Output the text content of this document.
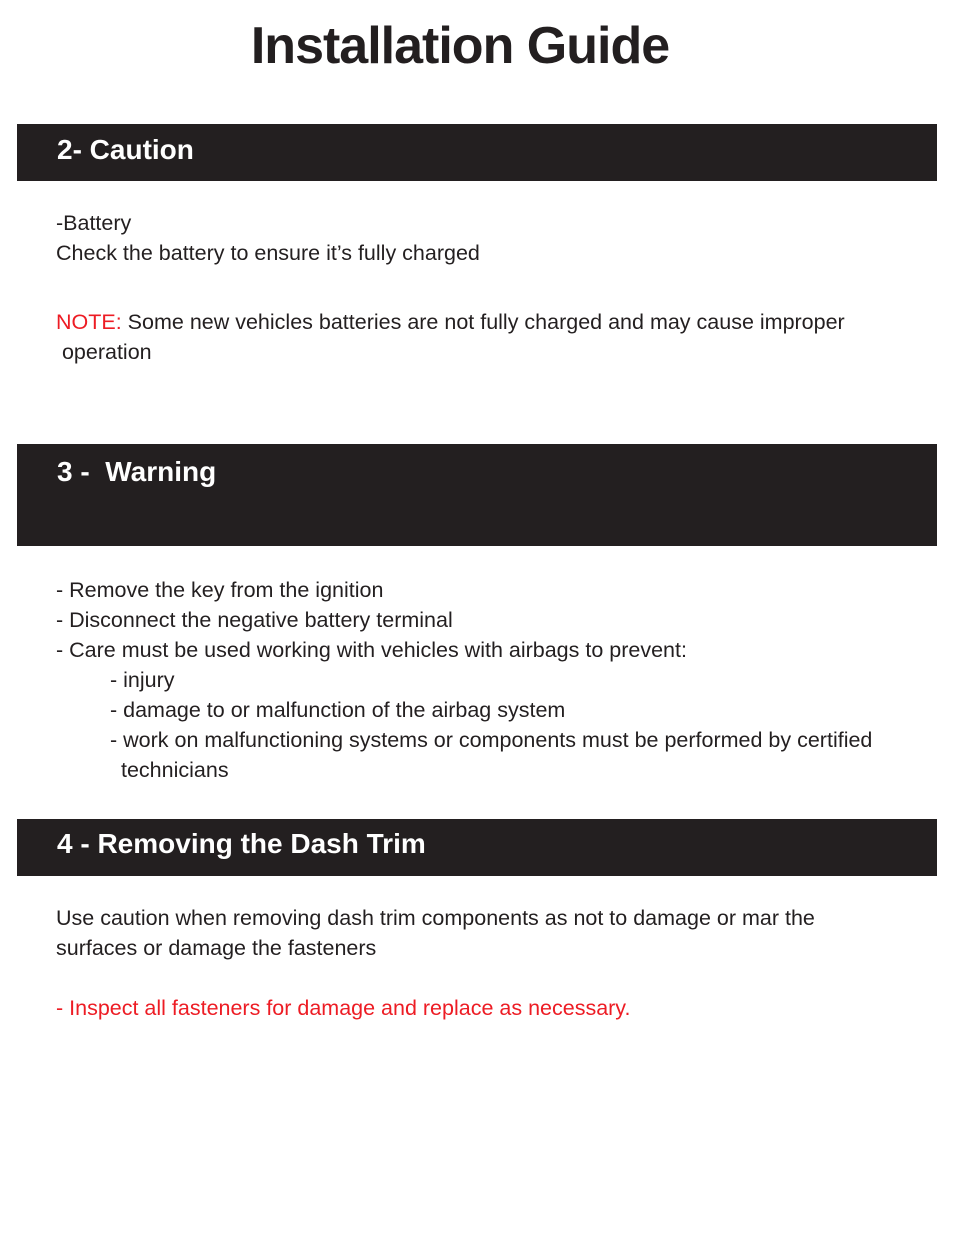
Installation Guide
2- Caution
-Battery
Check the battery to ensure it’s fully charged
NOTE: Some new vehicles batteries are not fully charged and may cause improper
operation
3 -  Warning
- Remove the key from the ignition
- Disconnect the negative battery terminal
- Care must be used working with vehicles with airbags to prevent:
- injury
- damage to or malfunction of the airbag system
- work on malfunctioning systems or components must be performed by certified
technicians
4 - Removing the Dash Trim
Use caution when removing dash trim components as not to damage or mar the
surfaces or damage the fasteners
- Inspect all fasteners for damage and replace as necessary.
